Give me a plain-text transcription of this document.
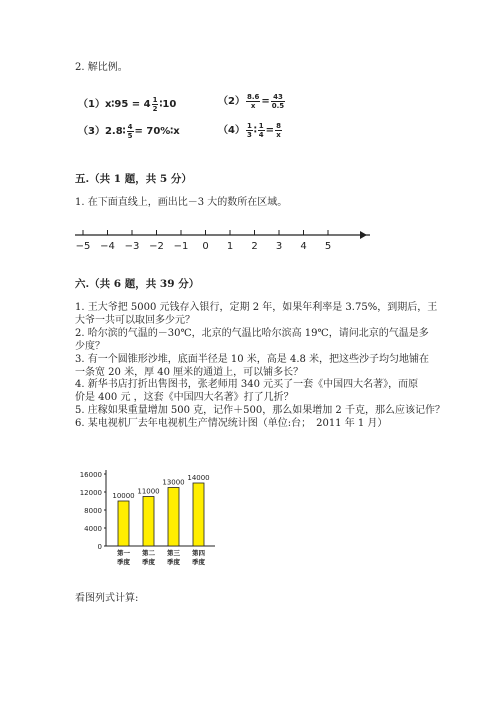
2. 解比例。
（1）x∶95 = $4 \frac{1}{2}$ ∶10	$(2) \frac{8.6}{x} = \frac{43}{0.5}$
（3）2.8∶ $\frac{4}{5}$ = 70%∶x	$(4) \frac{1}{3}$ ∶ $\frac{1}{4} = \frac{8}{x}$
五.（共 1 题，共 5 分）
1. 在下面直线上，画出比－3 大的数所在区域。
−5 −4 −3 −2 −1 0 1 2 3 4 5
六.（共 6 题，共 39 分）
1. 王大爷把 5000 元钱存入银行，定期 2 年，如果年利率是 3.75%，到期后，王
大爷一共可以取回多少元？
2. 哈尔滨的气温的－30℃，北京的气温比哈尔滨高 19℃，请问北京的气温是多
少度？
3. 有一个圆锥形沙堆，底面半径是 10 米，高是 4.8 米，把这些沙子均匀地铺在
一条宽 20 米，厚 40 厘米的通道上，可以铺多长？
4. 新华书店打折出售图书，张老师用 340 元买了一套《中国四大名著》，而原
价是 400 元 ，这套《中国四大名著》打了几折？
5. 庄稼如果重量增加 500 克，记作＋500，那么如果增加 2 千克，那么应该记作？
6. 某电视机厂去年电视机生产情况统计图（单位:台；　2011 年 1 月）
0
4000
8000
12000
16000
10000
第一
季度
11000
第二
季度
13000
第三
季度
14000
第四
季度
看图列式计算:
